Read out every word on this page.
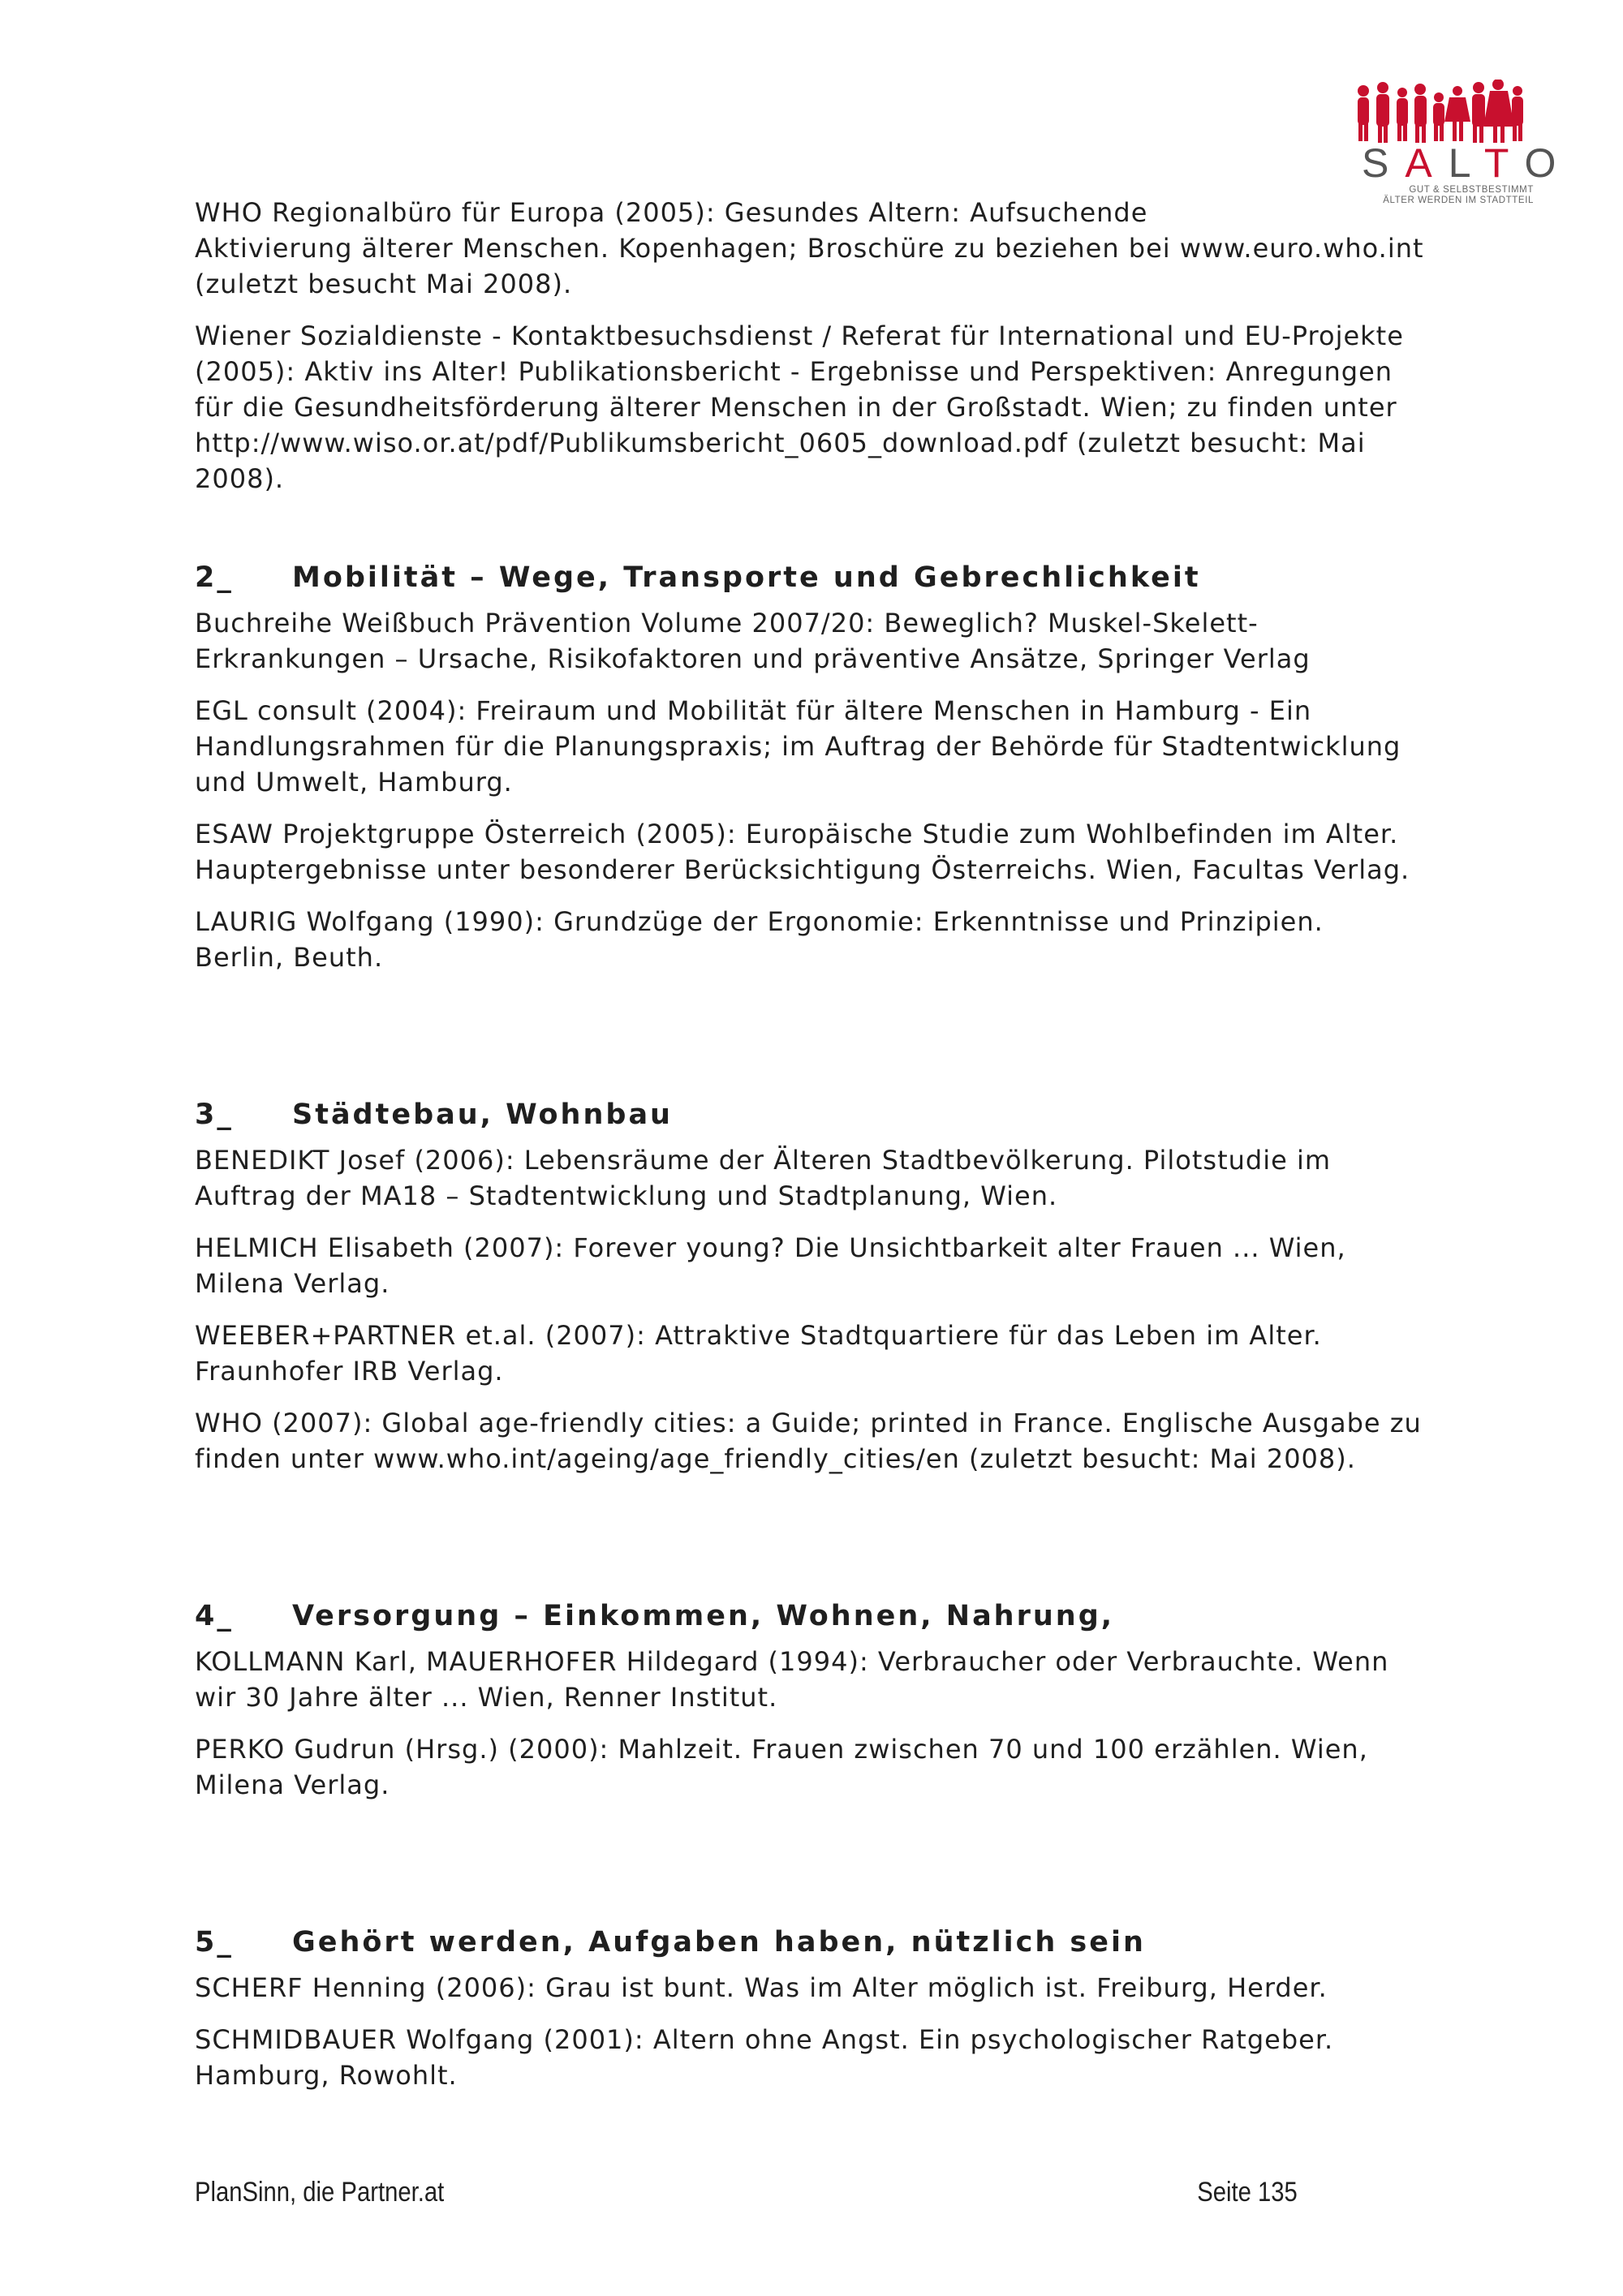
SALTO
GUT & SELBSTBESTIMMT
ÄLTER WERDEN IM STADTTEIL

WHO Regionalbüro für Europa (2005): Gesundes Altern: Aufsuchende
Aktivierung älterer Menschen. Kopenhagen; Broschüre zu beziehen bei www.euro.who.int
(zuletzt besucht Mai 2008).

Wiener Sozialdienste - Kontaktbesuchsdienst / Referat für International und EU-Projekte
(2005): Aktiv ins Alter! Publikationsbericht - Ergebnisse und Perspektiven: Anregungen
für die Gesundheitsförderung älterer Menschen in der Großstadt. Wien; zu finden unter
http://www.wiso.or.at/pdf/Publikumsbericht_0605_download.pdf (zuletzt besucht: Mai
2008).

2_	Mobilität – Wege, Transporte und Gebrechlichkeit

Buchreihe Weißbuch Prävention Volume 2007/20: Beweglich? Muskel-Skelett-
Erkrankungen – Ursache, Risikofaktoren und präventive Ansätze, Springer Verlag

EGL consult (2004): Freiraum und Mobilität für ältere Menschen in Hamburg - Ein
Handlungsrahmen für die Planungspraxis; im Auftrag der Behörde für Stadtentwicklung
und Umwelt, Hamburg.

ESAW Projektgruppe Österreich (2005): Europäische Studie zum Wohlbefinden im Alter.
Hauptergebnisse unter besonderer Berücksichtigung Österreichs. Wien, Facultas Verlag.

LAURIG Wolfgang (1990): Grundzüge der Ergonomie: Erkenntnisse und Prinzipien.
Berlin, Beuth.

3_	Städtebau, Wohnbau

BENEDIKT Josef (2006): Lebensräume der Älteren Stadtbevölkerung. Pilotstudie im
Auftrag der MA18 – Stadtentwicklung und Stadtplanung, Wien.

HELMICH Elisabeth (2007): Forever young? Die Unsichtbarkeit alter Frauen ... Wien,
Milena Verlag.

WEEBER+PARTNER et.al. (2007): Attraktive Stadtquartiere für das Leben im Alter.
Fraunhofer IRB Verlag.

WHO (2007): Global age-friendly cities: a Guide; printed in France. Englische Ausgabe zu
finden unter www.who.int/ageing/age_friendly_cities/en (zuletzt besucht: Mai 2008).

4_	Versorgung – Einkommen, Wohnen, Nahrung,

KOLLMANN Karl, MAUERHOFER Hildegard (1994): Verbraucher oder Verbrauchte. Wenn
wir 30 Jahre älter ... Wien, Renner Institut.

PERKO Gudrun (Hrsg.) (2000): Mahlzeit. Frauen zwischen 70 und 100 erzählen. Wien,
Milena Verlag.

5_	Gehört werden, Aufgaben haben, nützlich sein

SCHERF Henning (2006): Grau ist bunt. Was im Alter möglich ist. Freiburg, Herder.

SCHMIDBAUER Wolfgang (2001): Altern ohne Angst. Ein psychologischer Ratgeber.
Hamburg, Rowohlt.

PlanSinn, die Partner.at	Seite 135
